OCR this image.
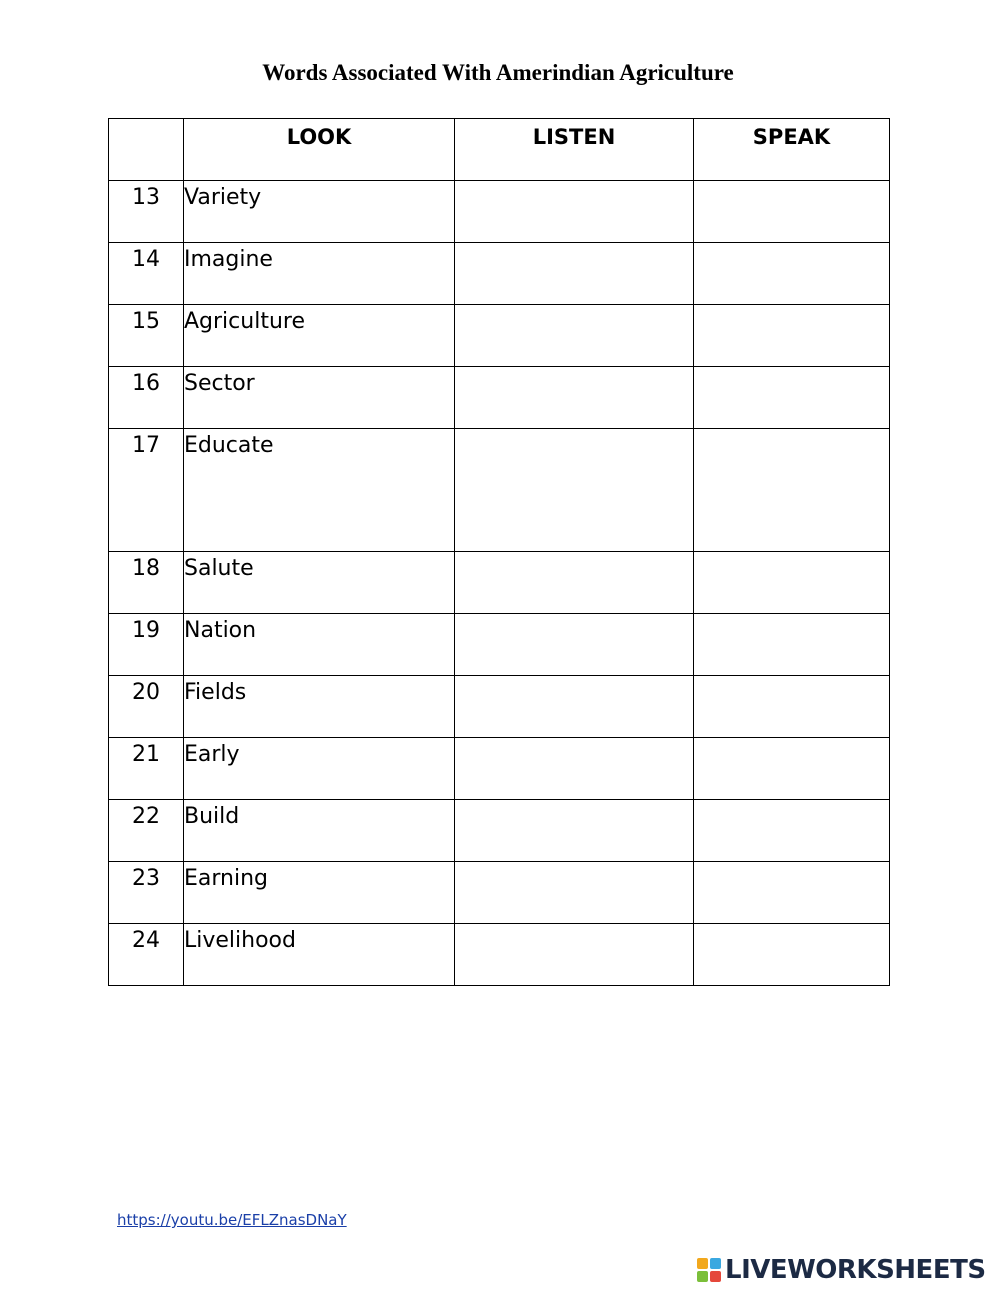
Words Associated With Amerindian Agriculture
	LOOK	LISTEN	SPEAK
13	Variety		
14	Imagine		
15	Agriculture		
16	Sector		
17	Educate		
18	Salute		
19	Nation		
20	Fields		
21	Early		
22	Build		
23	Earning		
24	Livelihood		
https://youtu.be/EFLZnasDNaY
LIVEWORKSHEETS
